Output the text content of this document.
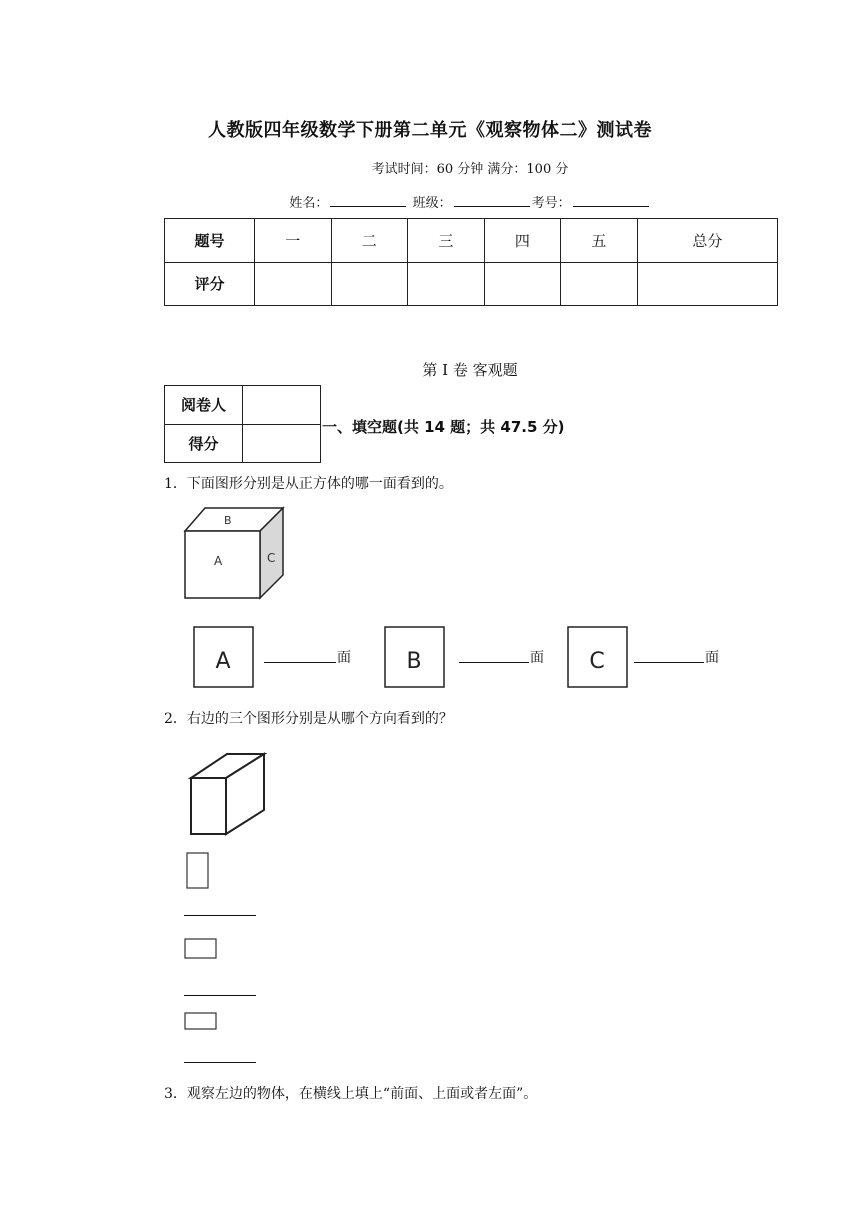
人教版四年级数学下册第二单元《观察物体二》测试卷
考试时间：60 分钟 满分：100 分
姓名：	班级：	考号：
题号	一	二	三	四	五	总分
评分						
第 I 卷 客观题
阅卷人	
得分	
一、填空题(共 14 题；共 47.5 分)
1．下面图形分别是从正方体的哪一面看到的。
B
A	C
A	面	B	面 C	面
2．右边的三个图形分别是从哪个方向看到的？
3．观察左边的物体，在横线上填上“前面、上面或者左面”。
